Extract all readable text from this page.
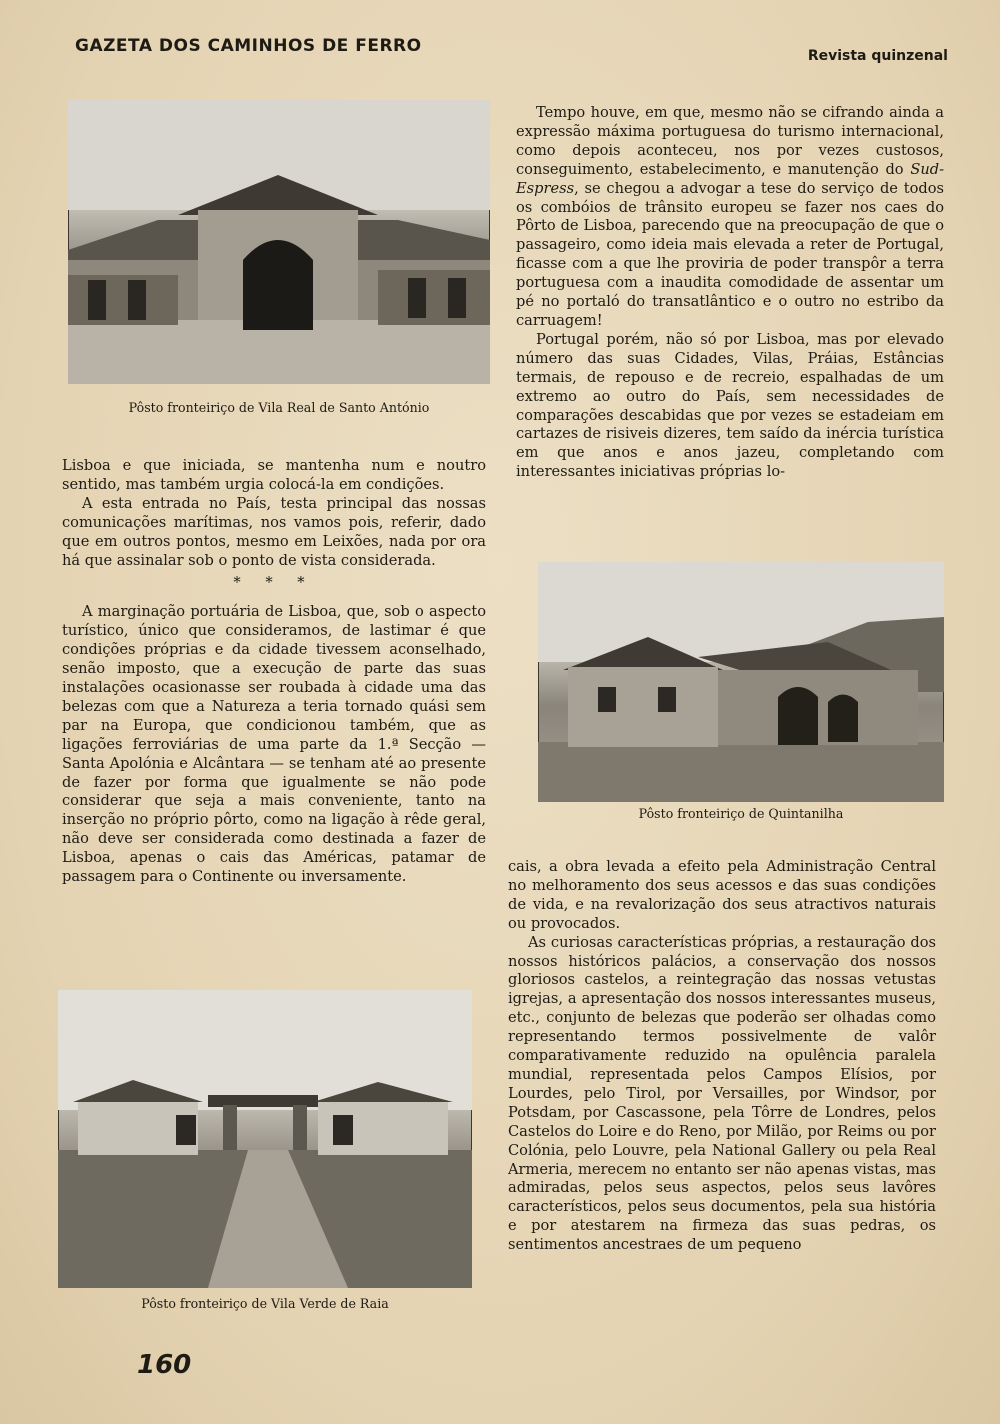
GAZETA DOS CAMINHOS DE FERRO	Revista quinzenal
Pôsto fronteiriço de Vila Real de Santo António

Lisboa e que iniciada, se mantenha num e noutro sentido, mas também urgia colocá-la em condições.

A esta entrada no País, testa principal das nossas comunicações marítimas, nos vamos pois, referir, dado que em outros pontos, mesmo em Leixões, nada por ora há que assinalar sob o ponto de vista considerada.

* * *

A marginação portuária de Lisboa, que, sob o aspecto turístico, único que consideramos, de lastimar é que condições próprias e da cidade tivessem aconselhado, senão imposto, que a execução de parte das suas instalações ocasionasse ser roubada à cidade uma das belezas com que a Natureza a teria tornado quási sem par na Europa, que condicionou também, que as ligações ferroviárias de uma parte da 1.ª Secção — Santa Apolónia e Alcântara — se tenham até ao presente de fazer por forma que igualmente se não pode considerar que seja a mais conveniente, tanto na inserção no próprio pôrto, como na ligação à rêde geral, não deve ser considerada como destinada a fazer de Lisboa, apenas o cais das Américas, patamar de passagem para o Continente ou inversamente.

Pôsto fronteiriço de Vila Verde de Raia

Tempo houve, em que, mesmo não se cifrando ainda a expressão máxima portuguesa do turismo internacional, como depois aconteceu, nos por vezes custosos, conseguimento, estabelecimento, e manutenção do Sud-Espress, se chegou a advogar a tese do serviço de todos os combóios de trânsito europeu se fazer nos caes do Pôrto de Lisboa, parecendo que na preocupação de que o passageiro, como ideia mais elevada a reter de Portugal, ficasse com a que lhe proviria de poder transpôr a terra portuguesa com a inaudita comodidade de assentar um pé no portaló do transatlântico e o outro no estribo da carruagem!

Portugal porém, não só por Lisboa, mas por elevado número das suas Cidades, Vilas, Práias, Estâncias termais, de repouso e de recreio, espalhadas de um extremo ao outro do País, sem necessidades de comparações descabidas que por vezes se estadeiam em cartazes de risiveis dizeres, tem saído da inércia turística em que anos e anos jazeu, completando com interessantes iniciativas próprias lo-

Pôsto fronteiriço de Quintanilha

cais, a obra levada a efeito pela Administração Central no melhoramento dos seus acessos e das suas condições de vida, e na revalorização dos seus atractivos naturais ou provocados.

As curiosas características próprias, a restauração dos nossos históricos palácios, a conservação dos nossos gloriosos castelos, a reintegração das nossas vetustas igrejas, a apresentação dos nossos interessantes museus, etc., conjunto de belezas que poderão ser olhadas como representando termos possivelmente de valôr comparativamente reduzido na opulência paralela mundial, representada pelos Campos Elísios, por Lourdes, pelo Tirol, por Versailles, por Windsor, por Potsdam, por Cascassone, pela Tôrre de Londres, pelos Castelos do Loire e do Reno, por Milão, por Reims ou por Colónia, pelo Louvre, pela National Gallery ou pela Real Armeria, merecem no entanto ser não apenas vistas, mas admiradas, pelos seus aspectos, pelos seus lavôres característicos, pelos seus documentos, pela sua história e por atestarem na firmeza das suas pedras, os sentimentos ancestraes de um pequeno

160
